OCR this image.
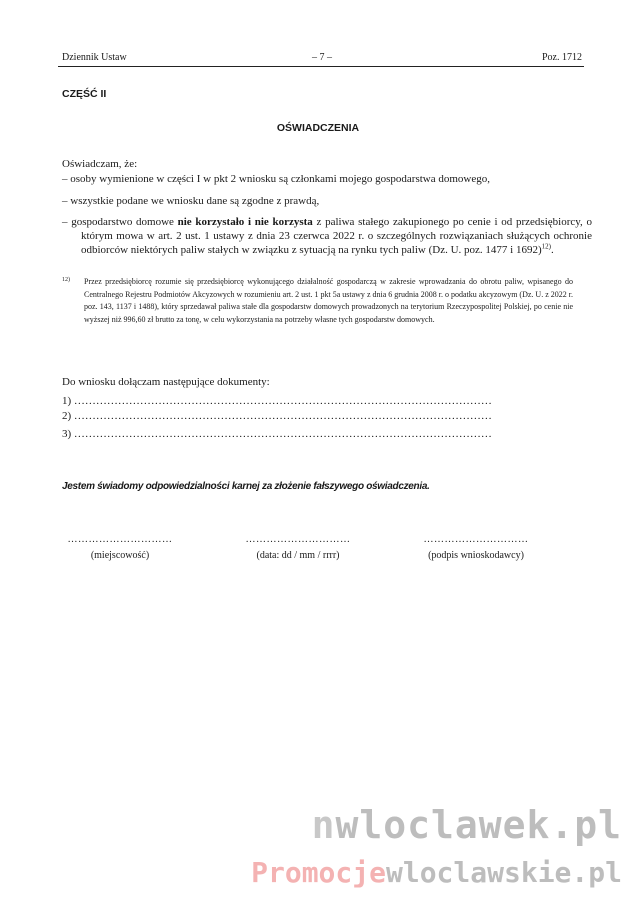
Dziennik Ustaw	– 7 –	Poz. 1712
CZĘŚĆ II
OŚWIADCZENIA
Oświadczam, że:
– osoby wymienione w części I w pkt 2 wniosku są członkami mojego gospodarstwa domowego,
– wszystkie podane we wniosku dane są zgodne z prawdą,
– gospodarstwo domowe nie korzystało i nie korzysta z paliwa stałego zakupionego po cenie i od przedsiębiorcy, o którym mowa w art. 2 ust. 1 ustawy z dnia 23 czerwca 2022 r. o szczególnych rozwiązaniach służących ochronie odbiorców niektórych paliw stałych w związku z sytuacją na rynku tych paliw (Dz. U. poz. 1477 i 1692)$^{12)}$.
12) Przez przedsiębiorcę rozumie się przedsiębiorcę wykonującego działalność gospodarczą w zakresie wprowadzania do obrotu paliw, wpisanego do Centralnego Rejestru Podmiotów Akcyzowych w rozumieniu art. 2 ust. 1 pkt 5a ustawy z dnia 6 grudnia 2008 r. o podatku akcyzowym (Dz. U. z 2022 r. poz. 143, 1137 i 1488), który sprzedawał paliwa stałe dla gospodarstw domowych prowadzonych na terytorium Rzeczypospolitej Polskiej, po cenie nie wyższej niż 996,60 zł brutto za tonę, w celu wykorzystania na potrzeby własne tych gospodarstw domowych.
Do wniosku dołączam następujące dokumenty:
1) ……………………………………………………………………………………………………
2) ……………………………………………………………………………………………………
3) ……………………………………………………………………………………………………
Jestem świadomy odpowiedzialności karnej za złożenie fałszywego oświadczenia.
…………………………
(miejscowość)
…………………………
(data: dd / mm / rrrr)
…………………………
(podpis wnioskodawcy)
nwloclawek.pl
Promocjewloclawskie.pl
